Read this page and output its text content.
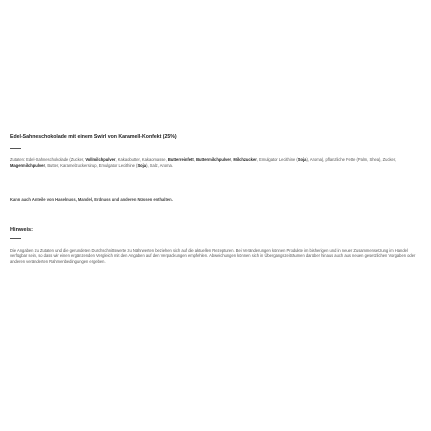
Edel-Sahneschokolade mit einem Swirl von Karamell-Konfekt (25%)
Zutaten: Edel-Sahneschokolade (Zucker, Vollmilchpulver, Kakaobutter, Kakaomasse, Butterreinfett, Buttermilchpulver, Milchzucker, Emulgator Lecithine (Soja), Aroma), pflanzliche Fette (Palm, Shea), Zucker, Magermilchpulver, Butter, Karamelzuckersirup, Emulgator Lecithine (Soja), Salz, Aroma.
Kann auch Anteile von Haselnuss, Mandel, Erdnuss und anderen Nüssen enthalten.
Hinweis:
Die Angaben zu Zutaten und die gerundeten Durchschnittswerte zu Nährwerten beziehen sich auf die aktuellen Rezepturen. Bei Veränderungen können Produkte im bisherigen und in neuer Zusammensetzung im Handel verfügbar sein, so dass wir einen ergänzenden Vergleich mit den Angaben auf den Verpackungen empfehlen. Abweichungen können sich in Übergangszeiträumen darüber hinaus auch aus neuen gesetzlichen Vorgaben oder anderen veränderten Rahmenbedingungen ergeben.
